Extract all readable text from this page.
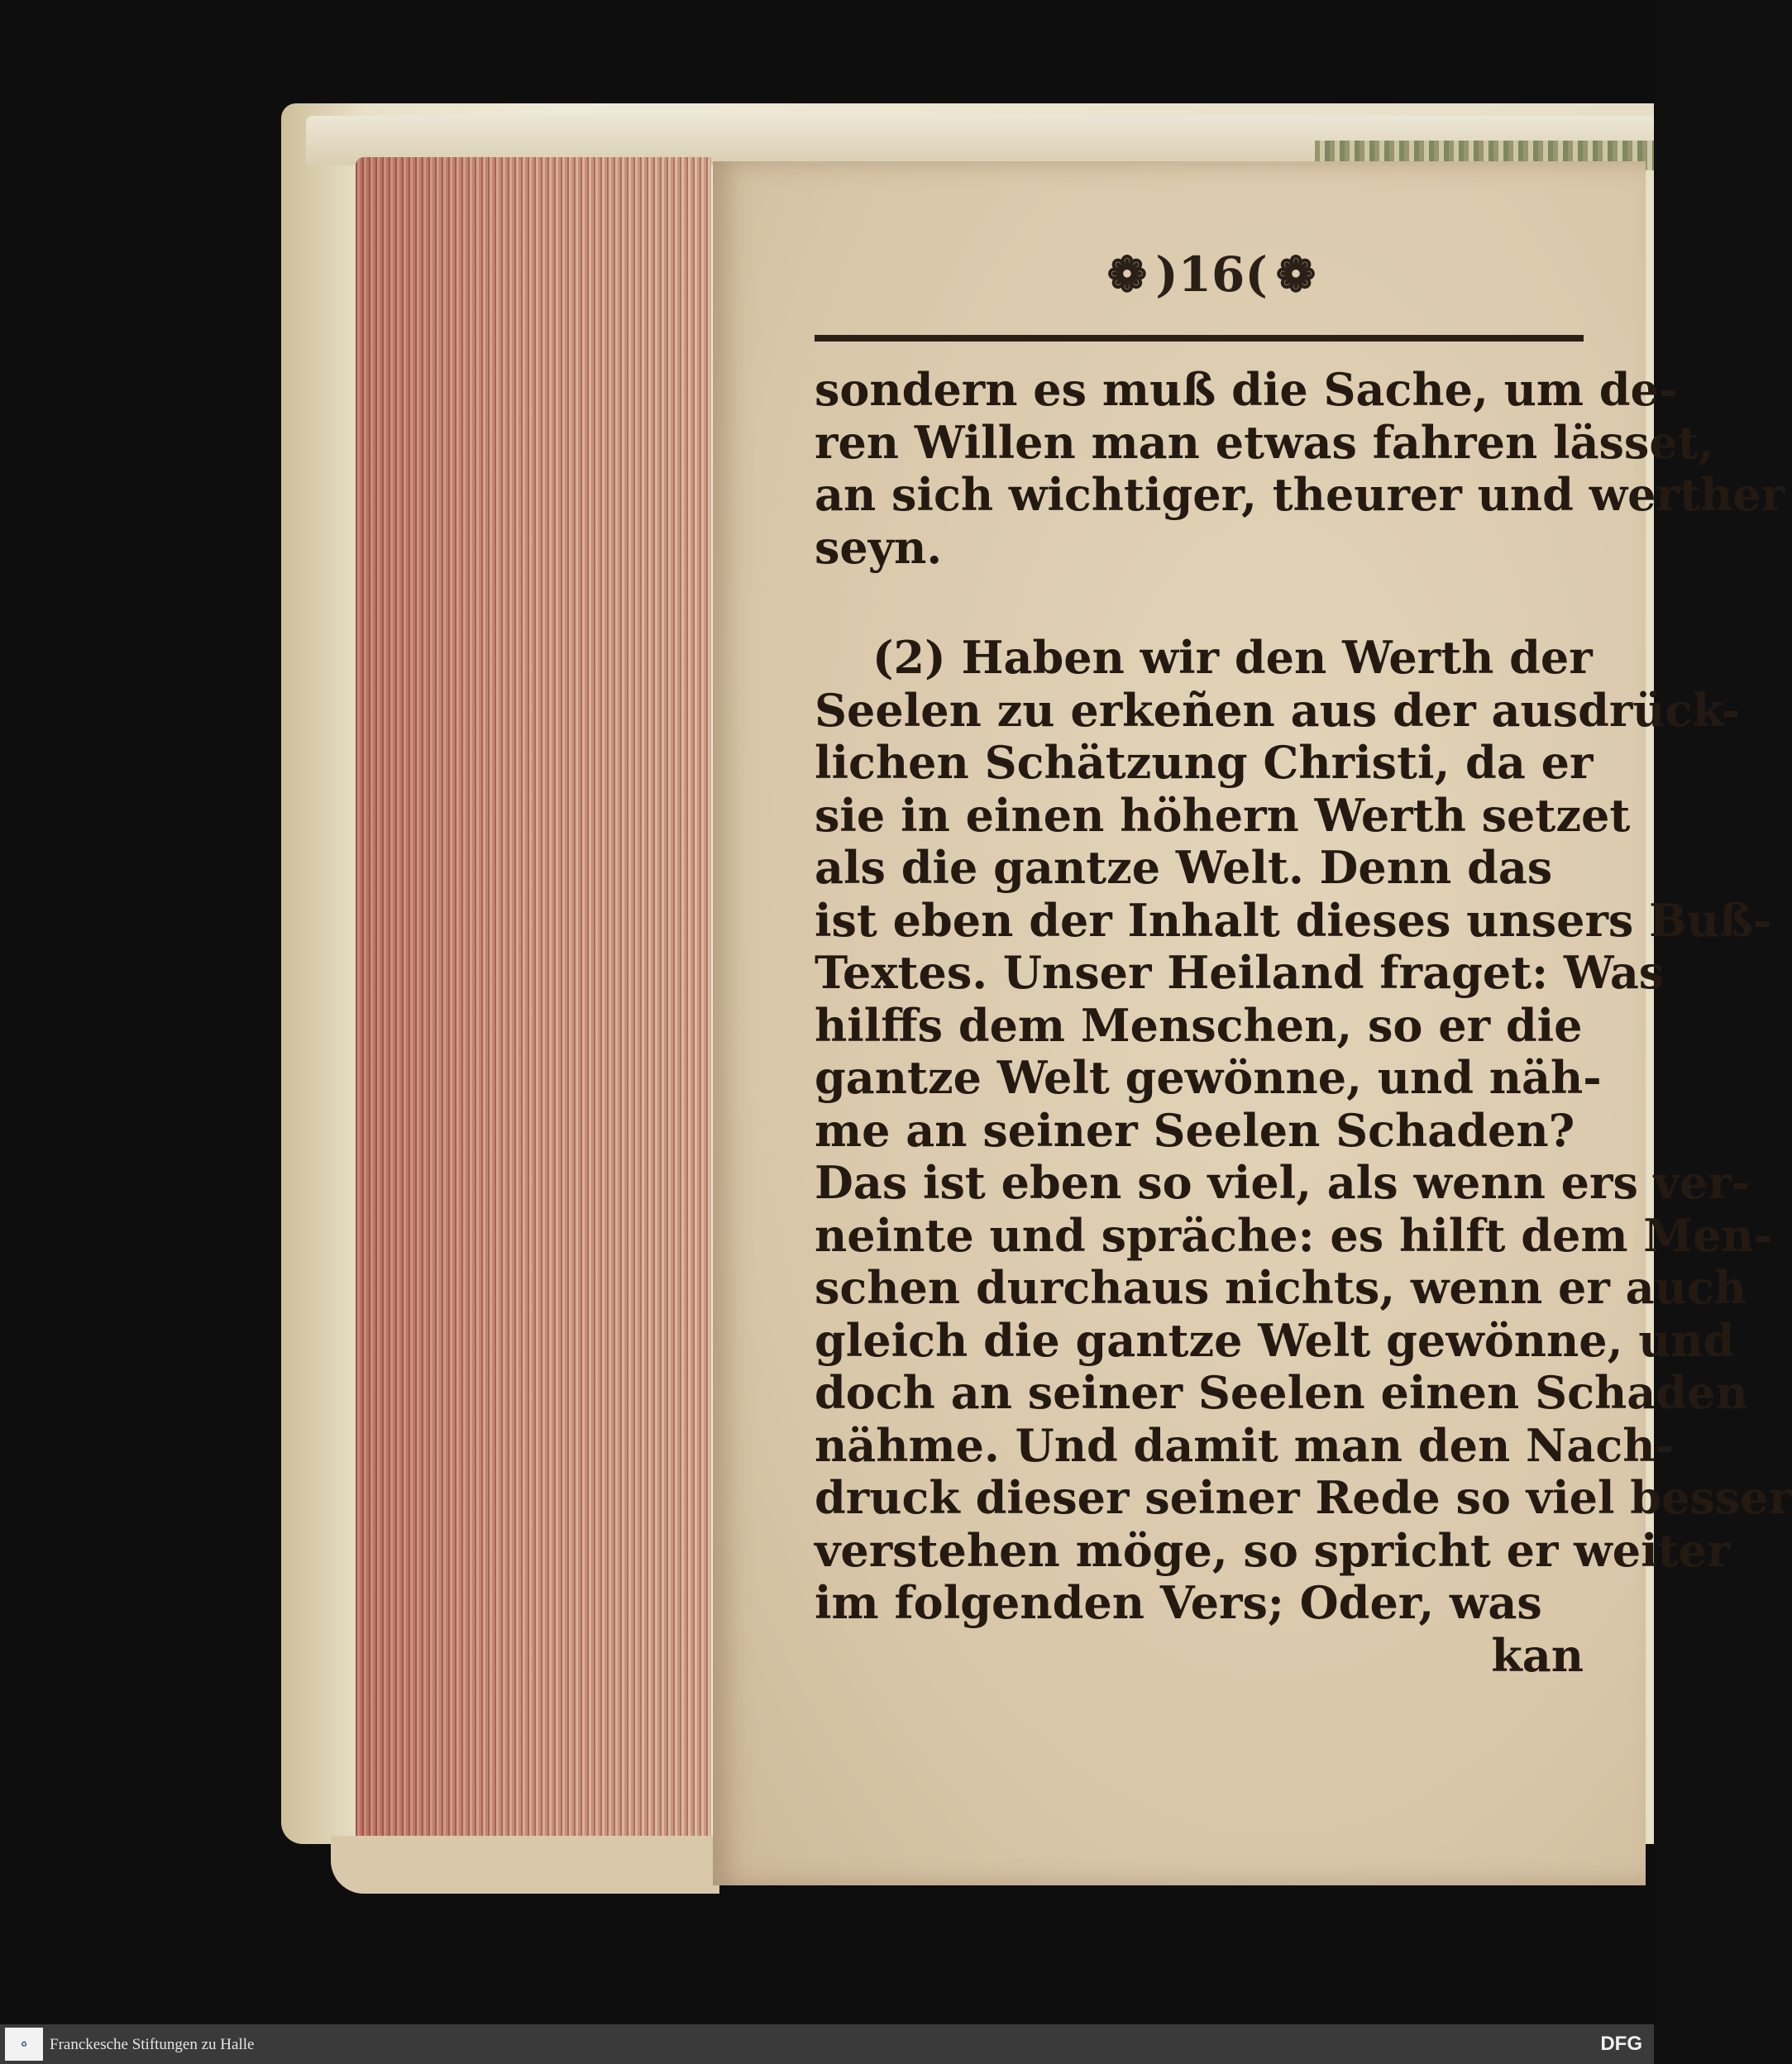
❁ )16( ❁
sondern es muß die Sache, um de-
ren Willen man etwas fahren lässet,
an sich wichtiger, theurer und werther
seyn.
(2) Haben wir den Werth der
Seelen zu erkeñen aus der ausdrück-
lichen Schätzung Christi, da er
sie in einen höhern Werth setzet
als die gantze Welt. Denn das
ist eben der Inhalt dieses unsers Buß-
Textes. Unser Heiland fraget: Was
hilffs dem Menschen, so er die
gantze Welt gewönne, und näh-
me an seiner Seelen Schaden?
Das ist eben so viel, als wenn ers ver-
neinte und spräche: es hilft dem Men-
schen durchaus nichts, wenn er auch
gleich die gantze Welt gewönne, und
doch an seiner Seelen einen Schaden
nähme. Und damit man den Nach-
druck dieser seiner Rede so viel besser
verstehen möge, so spricht er weiter
im folgenden Vers; Oder, was
kan
♻	Franckesche Stiftungen zu Halle	DFG
